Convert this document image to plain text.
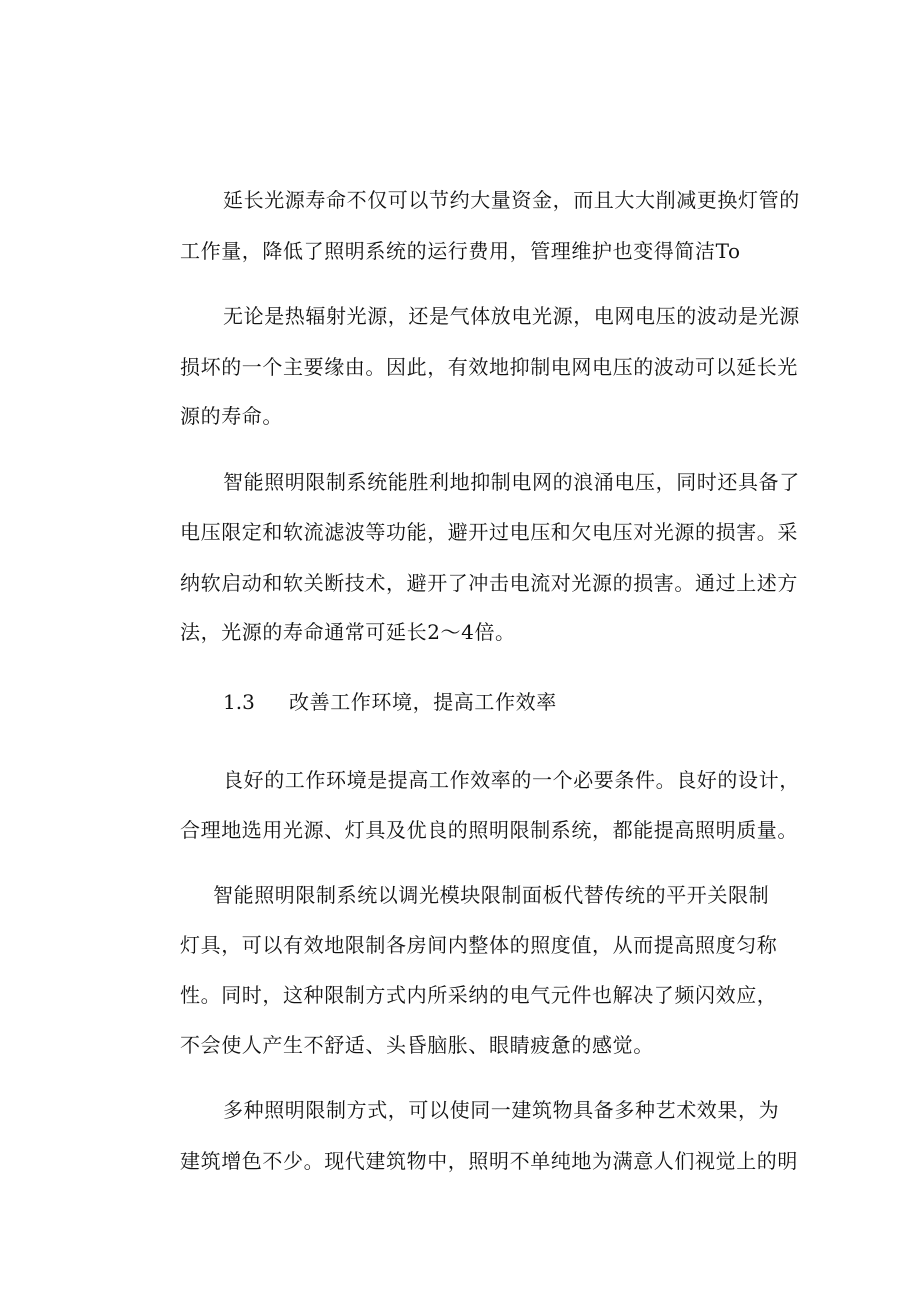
延长光源寿命不仅可以节约大量资金，而且大大削减更换灯管的

工作量，降低了照明系统的运行费用，管理维护也变得简洁To

无论是热辐射光源，还是气体放电光源，电网电压的波动是光源

损坏的一个主要缘由。因此，有效地抑制电网电压的波动可以延长光

源的寿命。

智能照明限制系统能胜利地抑制电网的浪涌电压，同时还具备了

电压限定和软流滤波等功能，避开过电压和欠电压对光源的损害。采

纳软启动和软关断技术，避开了冲击电流对光源的损害。通过上述方

法，光源的寿命通常可延长2～4倍。

1.3 改善工作环境，提高工作效率

良好的工作环境是提高工作效率的一个必要条件。良好的设计，

合理地选用光源、灯具及优良的照明限制系统，都能提高照明质量。

智能照明限制系统以调光模块限制面板代替传统的平开关限制

灯具，可以有效地限制各房间内整体的照度值，从而提高照度匀称

性。同时，这种限制方式内所采纳的电气元件也解决了频闪效应，

不会使人产生不舒适、头昏脑胀、眼睛疲惫的感觉。

多种照明限制方式，可以使同一建筑物具备多种艺术效果，为

建筑增色不少。现代建筑物中，照明不单纯地为满意人们视觉上的明
